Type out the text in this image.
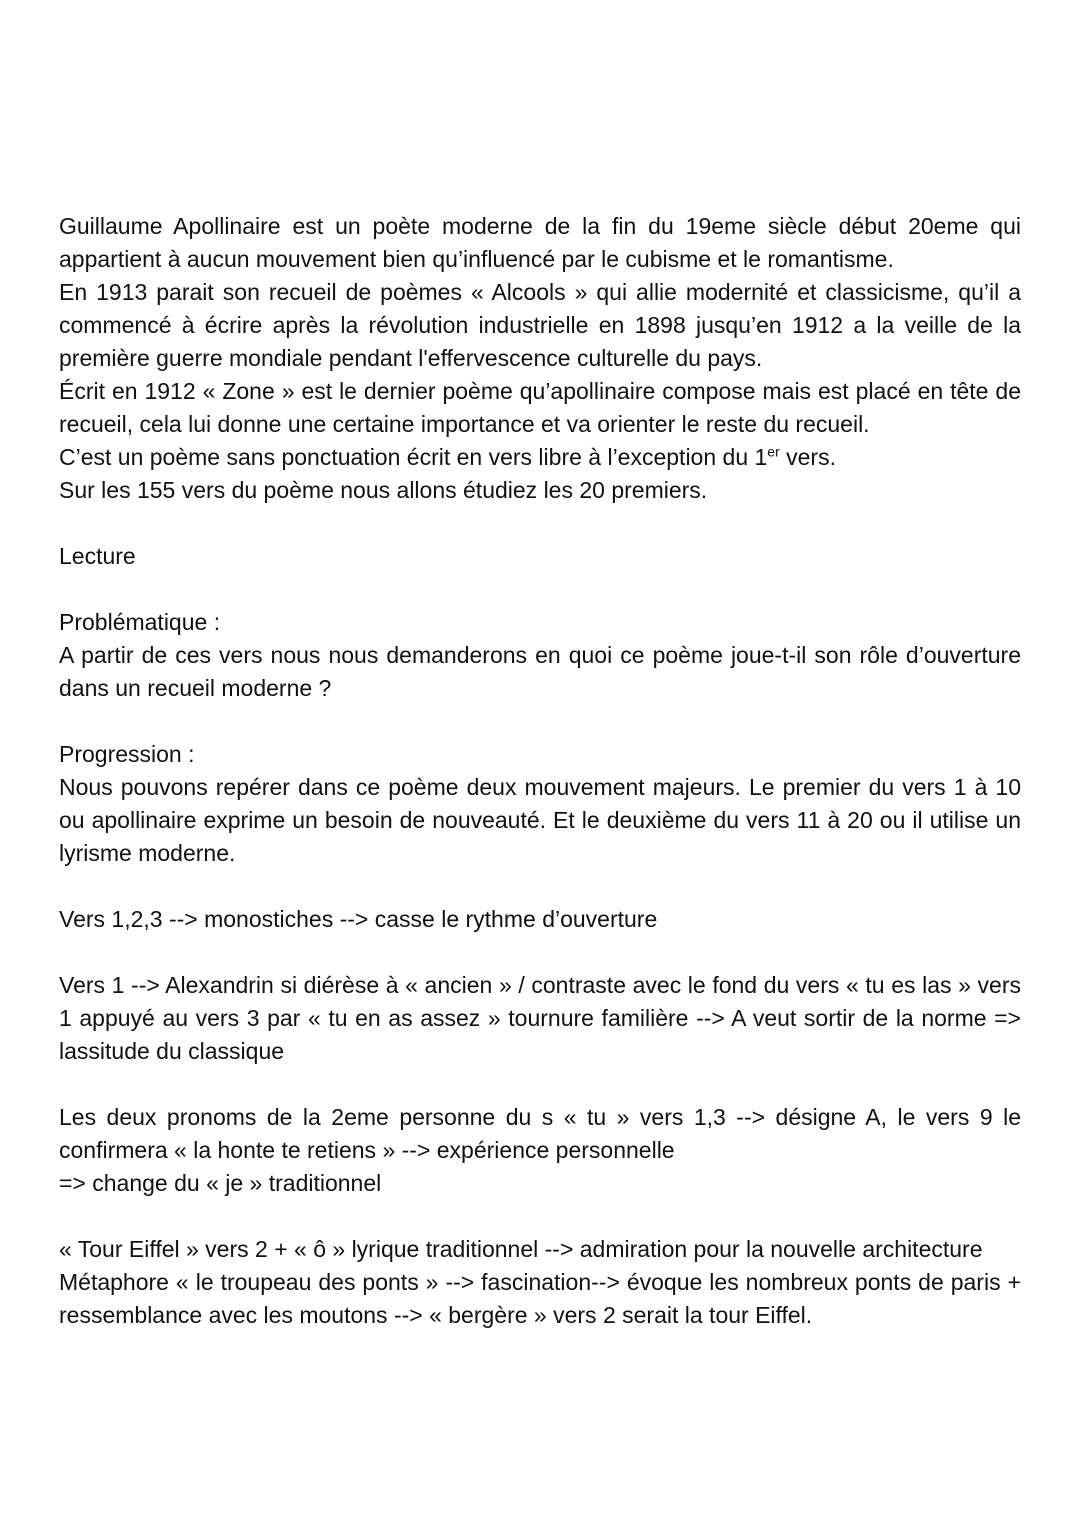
Guillaume Apollinaire est un poète moderne de la fin du 19eme siècle début 20eme qui appartient à aucun mouvement bien qu’influencé par le cubisme et le romantisme.

En 1913 parait son recueil de poèmes « Alcools » qui allie modernité et classicisme, qu’il a commencé à écrire après la révolution industrielle en 1898 jusqu’en 1912 a la veille de la première guerre mondiale pendant l'effervescence culturelle du pays.

Écrit en 1912 « Zone » est le dernier poème qu’apollinaire compose mais est placé en tête de recueil, cela lui donne une certaine importance et va orienter le reste du recueil.

C’est un poème sans ponctuation écrit en vers libre à l’exception du 1er vers.

Sur les 155 vers du poème nous allons étudiez les 20 premiers.

Lecture

Problématique :

A partir de ces vers nous nous demanderons en quoi ce poème joue-t-il son rôle d’ouverture dans un recueil moderne ?

Progression :

Nous pouvons repérer dans ce poème deux mouvement majeurs. Le premier du vers 1 à 10 ou apollinaire exprime un besoin de nouveauté. Et le deuxième du vers 11 à 20 ou il utilise un lyrisme moderne.

Vers 1,2,3 --> monostiches --> casse le rythme d’ouverture

Vers 1 --> Alexandrin si diérèse à « ancien » / contraste avec le fond du vers « tu es las » vers 1 appuyé au vers 3 par « tu en as assez » tournure familière --> A veut sortir de la norme => lassitude du classique

Les deux pronoms de la 2eme personne du s « tu » vers 1,3 --> désigne A, le vers 9 le confirmera « la honte te retiens » --> expérience personnelle

=> change du « je » traditionnel

« Tour Eiffel » vers 2 + « ô » lyrique traditionnel --> admiration pour la nouvelle architecture

Métaphore « le troupeau des ponts » --> fascination--> évoque les nombreux ponts de paris + ressemblance avec les moutons --> « bergère » vers 2 serait la tour Eiffel.
